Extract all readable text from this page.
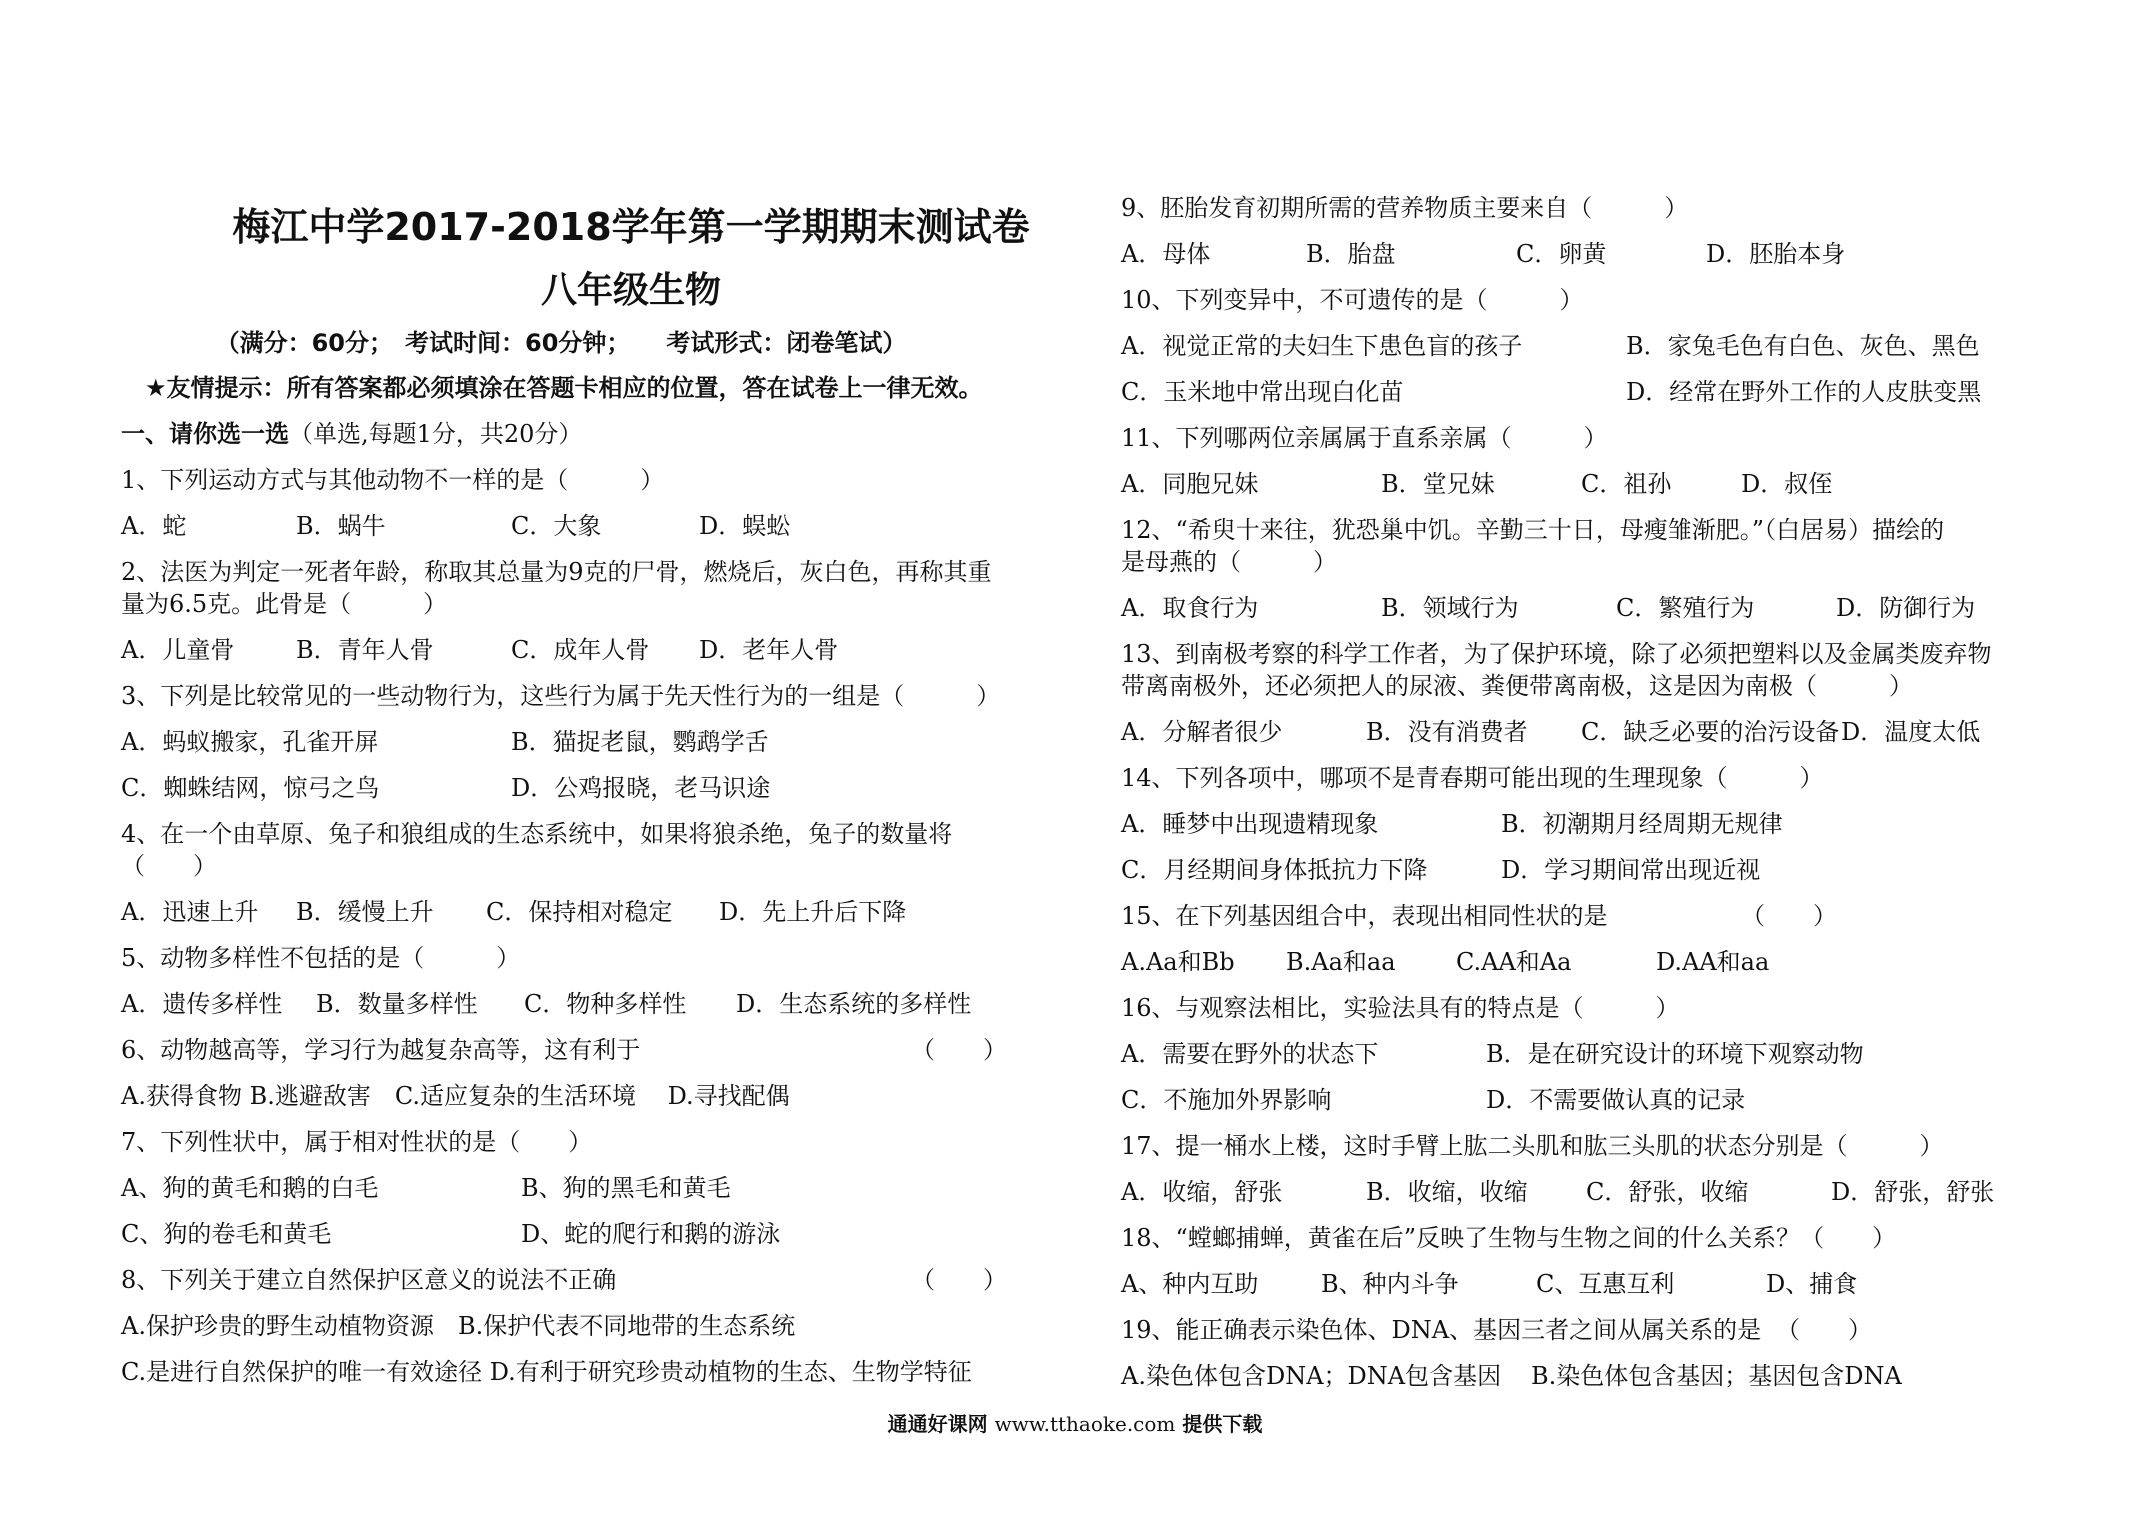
梅江中学2017-2018学年第一学期期末测试卷
八年级生物
（满分：60分；　考试时间：60分钟；　　考试形式：闭卷笔试）
★友情提示：所有答案都必须填涂在答题卡相应的位置，答在试卷上一律无效。
一、请你选一选（单选,每题1分，共20分）
1、下列运动方式与其他动物不一样的是（　　　）
A．蛇	B．蜗牛	C．大象	D．蜈蚣
2、法医为判定一死者年龄，称取其总量为9克的尸骨，燃烧后，灰白色，再称其重
量为6.5克。此骨是（　　　）
A．儿童骨	B．青年人骨	C．成年人骨 D．老年人骨
3、下列是比较常见的一些动物行为，这些行为属于先天性行为的一组是（　　　）
A．蚂蚁搬家，孔雀开屏	B．猫捉老鼠，鹦鹉学舌
C．蜘蛛结网，惊弓之鸟	D．公鸡报晓，老马识途
4、在一个由草原、兔子和狼组成的生态系统中，如果将狼杀绝，兔子的数量将
（　　）
A．迅速上升 B．缓慢上升 C．保持相对稳定 D．先上升后下降
5、动物多样性不包括的是（　　　）
A．遗传多样性 B．数量多样性 C．物种多样性 D．生态系统的多样性
6、动物越高等，学习行为越复杂高等，这有利于	（　　）
A.获得食物 B.逃避敌害　C.适应复杂的生活环境　 D.寻找配偶
7、下列性状中，属于相对性状的是（　　）
A、狗的黄毛和鹅的白毛	B、狗的黑毛和黄毛
C、狗的卷毛和黄毛	D、蛇的爬行和鹅的游泳
8、下列关于建立自然保护区意义的说法不正确	（　　）
A.保护珍贵的野生动植物资源　B.保护代表不同地带的生态系统
C.是进行自然保护的唯一有效途径 D.有利于研究珍贵动植物的生态、生物学特征
9、胚胎发育初期所需的营养物质主要来自（　　　）
A．母体	B．胎盘	C．卵黄	D．胚胎本身
10、下列变异中，不可遗传的是（　　　）
A．视觉正常的夫妇生下患色盲的孩子	B．家兔毛色有白色、灰色、黑色
C．玉米地中常出现白化苗	D．经常在野外工作的人皮肤变黑
11、下列哪两位亲属属于直系亲属（　　　）
A．同胞兄妹	B．堂兄妹	C．祖孙	D．叔侄
12、“希臾十来往，犹恐巢中饥。辛勤三十日，母瘦雏渐肥。”（白居易）描绘的
是母燕的（　　　）
A．取食行为	B．领域行为	C．繁殖行为	D．防御行为
13、到南极考察的科学工作者，为了保护环境，除了必须把塑料以及金属类废弃物
带离南极外，还必须把人的尿液、粪便带离南极，这是因为南极（　　　）
A．分解者很少	B．没有消费者 C．缺乏必要的治污设备 D．温度太低
14、下列各项中，哪项不是青春期可能出现的生理现象（　　　）
A．睡梦中出现遗精现象	B．初潮期月经周期无规律
C．月经期间身体抵抗力下降	D．学习期间常出现近视
15、在下列基因组合中，表现出相同性状的是	（　　）
A.Aa和Bb B.Aa和aa	C.AA和Aa	D.AA和aa
16、与观察法相比，实验法具有的特点是（　　　）
A．需要在野外的状态下	B．是在研究设计的环境下观察动物
C．不施加外界影响	D．不需要做认真的记录
17、提一桶水上楼，这时手臂上肱二头肌和肱三头肌的状态分别是（　　　）
A．收缩，舒张	B．收缩，收缩 C．舒张，收缩	D．舒张，舒张
18、“螳螂捕蝉，黄雀在后”反映了生物与生物之间的什么关系？（　　）
A、种内互助	B、种内斗争	C、互惠互利	D、捕食
19、能正确表示染色体、DNA、基因三者之间从属关系的是 （　　）
A.染色体包含DNA；DNA包含基因 B.染色体包含基因；基因包含DNA
通通好课网 www.tthaoke.com 提供下载
